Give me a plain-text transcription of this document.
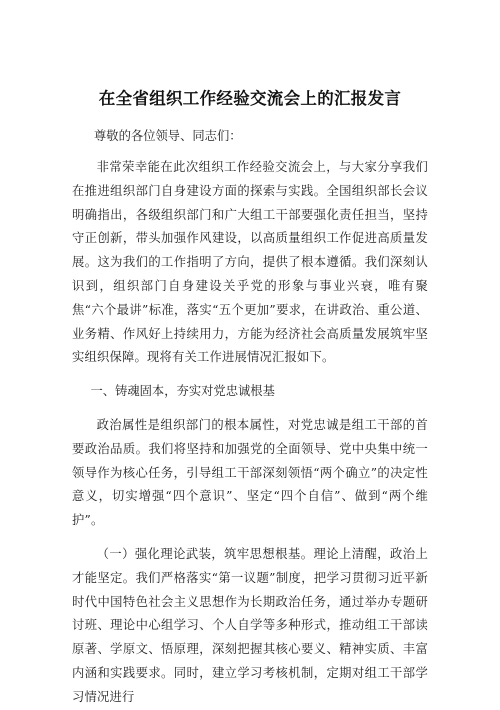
在全省组织工作经验交流会上的汇报发言

尊敬的各位领导、同志们：

非常荣幸能在此次组织工作经验交流会上，与大家分享我们在推进组织部门自身建设方面的探索与实践。全国组织部长会议明确指出，各级组织部门和广大组工干部要强化责任担当，坚持守正创新，带头加强作风建设，以高质量组织工作促进高质量发展。这为我们的工作指明了方向，提供了根本遵循。我们深刻认识到，组织部门自身建设关乎党的形象与事业兴衰，唯有聚焦“六个最讲”标准，落实“五个更加”要求，在讲政治、重公道、业务精、作风好上持续用力，方能为经济社会高质量发展筑牢坚实组织保障。现将有关工作进展情况汇报如下。

一、铸魂固本，夯实对党忠诚根基

政治属性是组织部门的根本属性，对党忠诚是组工干部的首要政治品质。我们将坚持和加强党的全面领导、党中央集中统一领导作为核心任务，引导组工干部深刻领悟“两个确立”的决定性意义，切实增强“四个意识”、坚定“四个自信”、做到“两个维护”。

（一）强化理论武装，筑牢思想根基。理论上清醒，政治上才能坚定。我们严格落实“第一议题”制度，把学习贯彻习近平新时代中国特色社会主义思想作为长期政治任务，通过举办专题研讨班、理论中心组学习、个人自学等多种形式，推动组工干部读原著、学原文、悟原理，深刻把握其核心要义、精神实质、丰富内涵和实践要求。同时，建立学习考核机制，定期对组工干部学习情况进行
